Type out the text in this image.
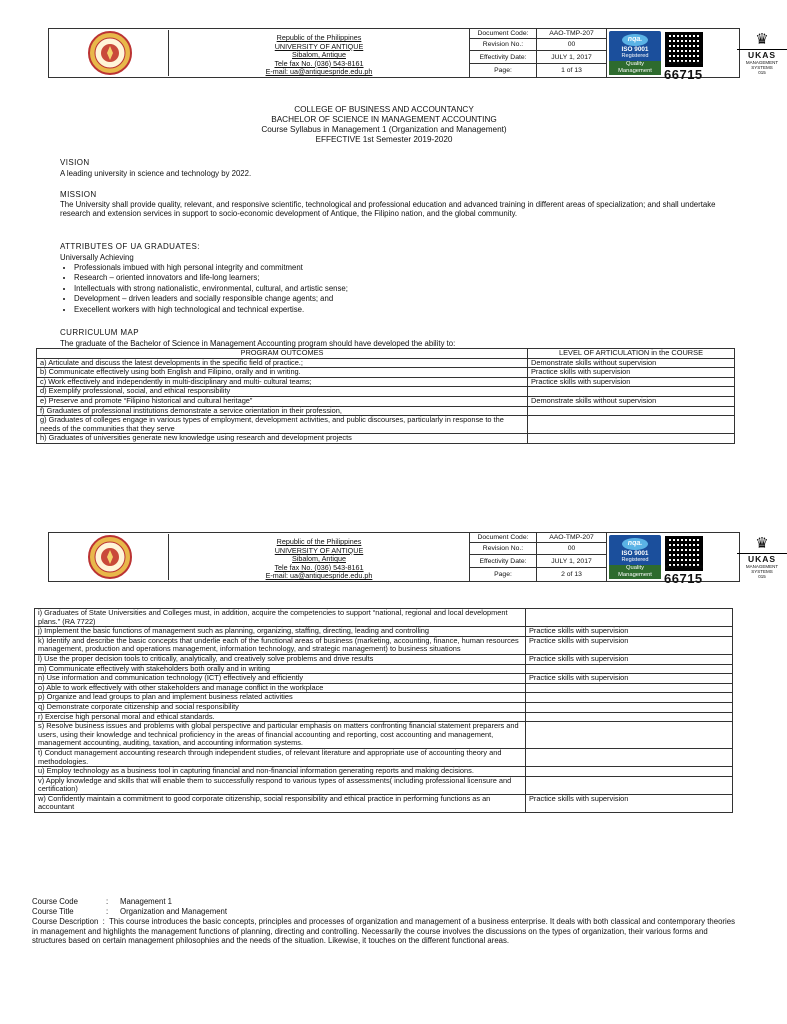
Republic of the Philippines
UNIVERSITY OF ANTIQUE
Sibalom, Antique
Tele fax No. (036) 543-8161
E-mail: ua@antiquespride.edu.ph
Document Code:	AAO-TMP-207
Revision No.:	00
Effectivity Date:	JULY 1, 2017
Page:	1 of 13
nqa.
ISO 9001
Registered
Quality Management
BS EN ISO 9001 : 2015
66715
♛
UKAS
MANAGEMENT SYSTEMS
015
COLLEGE OF BUSINESS AND ACCOUNTANCY
BACHELOR OF SCIENCE IN MANAGEMENT ACCOUNTING
Course Syllabus in Management 1 (Organization and Management)
EFFECTIVE 1st Semester 2019-2020
VISION
A leading university in science and technology by 2022.
MISSION
The University shall provide quality, relevant, and responsive scientific, technological and professional education and advanced training in different areas of specialization; and shall undertake research and extension services in support to socio-economic development of Antique, the Filipino nation, and the global community.
ATTRIBUTES OF UA GRADUATES:
Universally Achieving
• Professionals imbued with high personal integrity and commitment
• Research – oriented innovators and life-long learners;
• Intellectuals with strong nationalistic, environmental, cultural, and artistic sense;
• Development – driven leaders and socially responsible change agents; and
• Execellent workers with high technological and technical expertise.
CURRICULUM MAP
The graduate of the Bachelor of Science in Management Accounting program should have developed the ability to:
PROGRAM OUTCOMES	LEVEL OF ARTICULATION in the COURSE
a) Articulate and discuss the latest developments in the specific field of practice.;	Demonstrate skills without supervision
b) Communicate effectively using both English and Filipino, orally and in writing.	Practice skills with supervision
c) Work effectively and independently in multi-disciplinary and multi- cultural teams;	Practice skills with supervision
d) Exemplify professional, social, and ethical responsibility	
e) Preserve and promote “Filipino historical and cultural heritage”	Demonstrate skills without supervision
f) Graduates of professional institutions demonstrate a service orientation in their profession,	
g) Graduates of colleges engage in various types of employment, development activities, and public discourses, particularly in response to the needs of the communities that they serve	
h) Graduates of universities generate new knowledge using research and development projects	
Republic of the Philippines
UNIVERSITY OF ANTIQUE
Sibalom, Antique
Tele fax No. (036) 543-8161
E-mail: ua@antiquespride.edu.ph
Document Code:	AAO-TMP-207
Revision No.:	00
Effectivity Date:	JULY 1, 2017
Page:	2 of 13
nqa.
ISO 9001
Registered
Quality Management
BS EN ISO 9001 : 2015
66715
♛
UKAS
MANAGEMENT SYSTEMS
015
i) Graduates of State Universities and Colleges must, in addition, acquire the competencies to support “national, regional and local development plans.” (RA 7722)	
j) Implement the basic functions of management such as planning, organizing, staffing, directing, leading and controlling	Practice skills with supervision
k) Identify and describe the basic concepts that underlie each of the functional areas of business (marketing, accounting, finance, human resources management, production and operations management, information technology, and strategic management) to business situations	Practice skills with supervision
l) Use the proper decision tools to critically, analytically, and creatively solve problems and drive results	Practice skills with supervision
m) Communicate effectively with stakeholders both orally and in writing	
n) Use information and communication technology (ICT) effectively and efficiently	Practice skills with supervision
o) Able to work effectively with other stakeholders and manage conflict in the workplace	
p) Organize and lead groups to plan and implement business related activities	
q) Demonstrate corporate citizenship and social responsibility	
r) Exercise high personal moral and ethical standards.	
s) Resolve business issues and problems with global perspective and particular emphasis on matters confronting financial statement preparers and users, using their knowledge and technical proficiency in the areas of financial accounting and reporting, cost accounting and management, management accounting, auditing, taxation, and accounting information systems.	
t) Conduct management accounting research through independent studies, of relevant literature and appropriate use of accounting theory and methodologies.	
u) Employ technology as a business tool in capturing financial and non-financial information generating reports and making decisions.	
v) Apply knowledge and skills that will enable them to successfully respond to various types of assessments( including professional licensure and certification)	
w) Confidently maintain a commitment to good corporate citizenship, social responsibility and ethical practice in performing functions as an accountant	Practice skills with supervision
Course Code	: Management 1
Course Title	: Organization and Management
Course Description  :  This course introduces the basic concepts, principles and processes of organization and management of a business enterprise. It deals with both classical and contemporary theories in management and highlights the management functions of planning, directing and controlling. Necessarily the course involves the discussions on the types of organization, their various forms and structures based on certain management philosophies and the needs of the situation. Likewise, it touches on the different functional areas.
